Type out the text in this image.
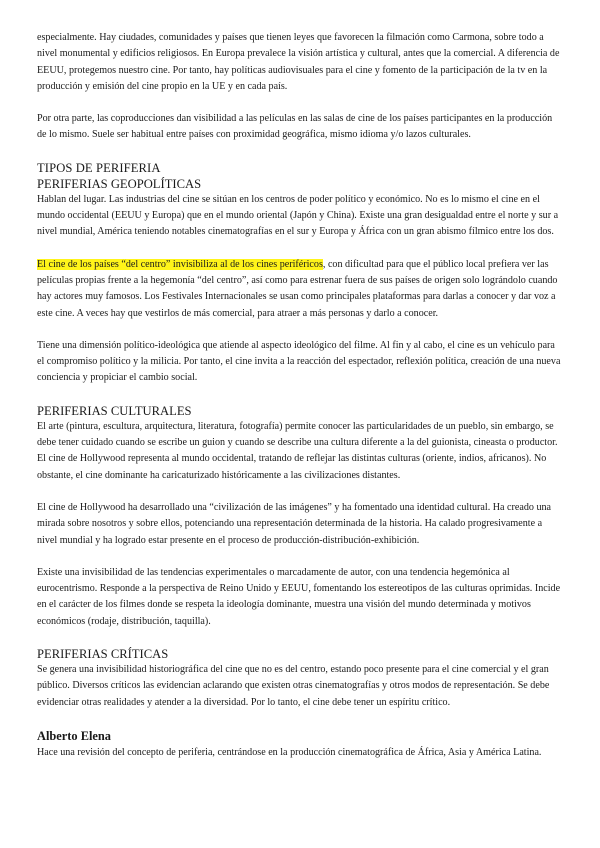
especialmente. Hay ciudades, comunidades y países que tienen leyes que favorecen la filmación como Carmona, sobre todo a nivel monumental y edificios religiosos. En Europa prevalece la visión artística y cultural, antes que la comercial. A diferencia de EEUU, protegemos nuestro cine. Por tanto, hay políticas audiovisuales para el cine y fomento de la participación de la tv en la producción y emisión del cine propio en la UE y en cada país.

Por otra parte, las coproducciones dan visibilidad a las películas en las salas de cine de los países participantes en la producción de lo mismo. Suele ser habitual entre países con proximidad geográfica, mismo idioma y/o lazos culturales.

TIPOS DE PERIFERIA
PERIFERIAS GEOPOLÍTICAS

Hablan del lugar. Las industrias del cine se sitúan en los centros de poder político y económico. No es lo mismo el cine en el mundo occidental (EEUU y Europa) que en el mundo oriental (Japón y China). Existe una gran desigualdad entre el norte y sur a nivel mundial, América teniendo notables cinematografías en el sur y Europa y África con un gran abismo fílmico entre los dos.

El cine de los países “del centro” invisibiliza al de los cines periféricos, con dificultad para que el público local prefiera ver las películas propias frente a la hegemonía “del centro”, así como para estrenar fuera de sus países de origen solo lográndolo cuando hay actores muy famosos. Los Festivales Internacionales se usan como principales plataformas para darlas a conocer y dar voz a este cine. A veces hay que vestirlos de más comercial, para atraer a más personas y darlo a conocer.

Tiene una dimensión político-ideológica que atiende al aspecto ideológico del filme. Al fin y al cabo, el cine es un vehículo para el compromiso político y la milicia. Por tanto, el cine invita a la reacción del espectador, reflexión política, creación de una nueva conciencia y propiciar el cambio social.

PERIFERIAS CULTURALES

El arte (pintura, escultura, arquitectura, literatura, fotografía) permite conocer las particularidades de un pueblo, sin embargo, se debe tener cuidado cuando se escribe un guion y cuando se describe una cultura diferente a la del guionista, cineasta o productor. El cine de Hollywood representa al mundo occidental, tratando de reflejar las distintas culturas (oriente, indios, africanos). No obstante, el cine dominante ha caricaturizado históricamente a las civilizaciones distantes.

El cine de Hollywood ha desarrollado una “civilización de las imágenes” y ha fomentado una identidad cultural. Ha creado una mirada sobre nosotros y sobre ellos, potenciando una representación determinada de la historia. Ha calado progresivamente a nivel mundial y ha logrado estar presente en el proceso de producción-distribución-exhibición.

Existe una invisibilidad de las tendencias experimentales o marcadamente de autor, con una tendencia hegemónica al eurocentrismo. Responde a la perspectiva de Reino Unido y EEUU, fomentando los estereotipos de las culturas oprimidas. Incide en el carácter de los filmes donde se respeta la ideología dominante, muestra una visión del mundo determinada y motivos económicos (rodaje, distribución, taquilla).

PERIFERIAS CRÍTICAS

Se genera una invisibilidad historiográfica del cine que no es del centro, estando poco presente para el cine comercial y el gran público. Diversos críticos las evidencian aclarando que existen otras cinematografías y otros modos de representación. Se debe evidenciar otras realidades y atender a la diversidad. Por lo tanto, el cine debe tener un espíritu crítico.

Alberto Elena

Hace una revisión del concepto de periferia, centrándose en la producción cinematográfica de África, Asia y América Latina.
